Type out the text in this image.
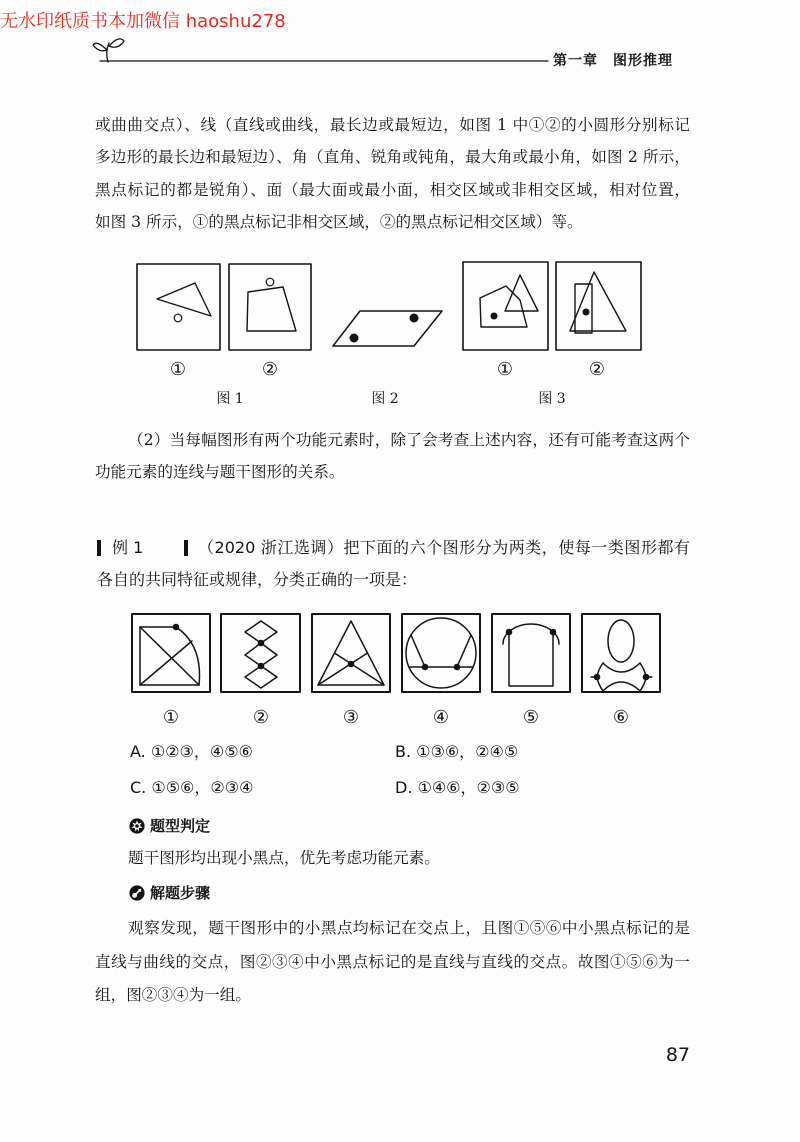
无水印纸质书本加微信 haoshu278
第一章　图形推理
或曲曲交点）、线（直线或曲线，最长边或最短边，如图 1 中①②的小圆形分别标记
多边形的最长边和最短边）、角（直角、锐角或钝角，最大角或最小角，如图 2 所示，
黑点标记的都是锐角）、面（最大面或最小面，相交区域或非相交区域，相对位置，
如图 3 所示，①的黑点标记非相交区域，②的黑点标记相交区域）等。
①	②	①	②
图 1	图 2	图 3
（2）当每幅图形有两个功能元素时，除了会考查上述内容，还有可能考查这两个
功能元素的连线与题干图形的关系。
例 1	（2020 浙江选调）把下面的六个图形分为两类，使每一类图形都有
各自的共同特征或规律，分类正确的一项是：
①	②	③	④	⑤	⑥
A. ①②③，④⑤⑥	B. ①③⑥，②④⑤
C. ①⑤⑥，②③④	D. ①④⑥，②③⑤
题型判定
题干图形均出现小黑点，优先考虑功能元素。
解题步骤
观察发现，题干图形中的小黑点均标记在交点上，且图①⑤⑥中小黑点标记的是
直线与曲线的交点，图②③④中小黑点标记的是直线与直线的交点。故图①⑤⑥为一
组，图②③④为一组。
87
